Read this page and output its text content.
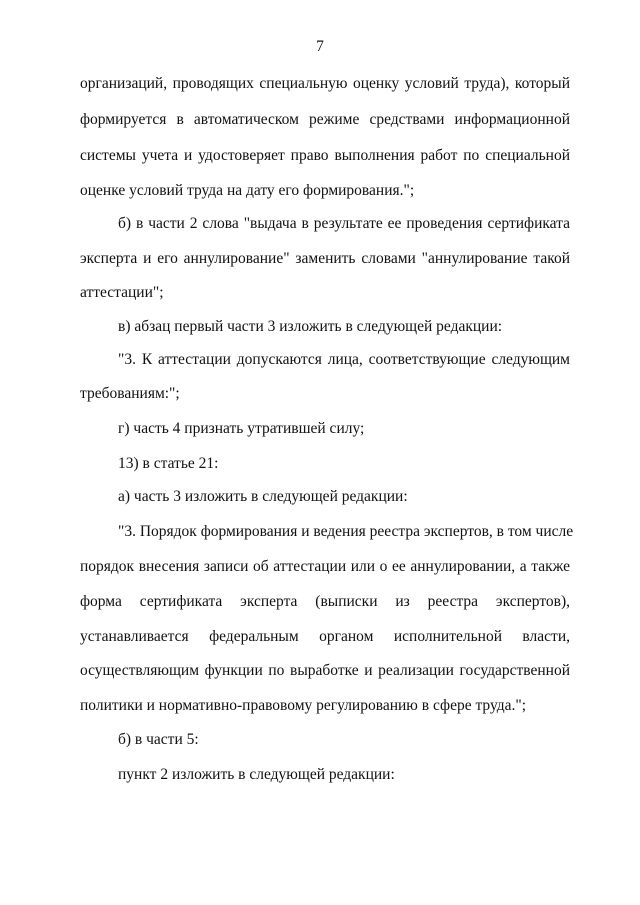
7
организаций, проводящих специальную оценку условий труда), который
формируется в автоматическом режиме средствами информационной
системы учета и удостоверяет право выполнения работ по специальной
оценке условий труда на дату его формирования.";
б) в части 2 слова "выдача в результате ее проведения сертификата
эксперта и его аннулирование" заменить словами "аннулирование такой
аттестации";
в) абзац первый части 3 изложить в следующей редакции:
"3. К аттестации допускаются лица, соответствующие следующим
требованиям:";
г) часть 4 признать утратившей силу;
13) в статье 21:
а) часть 3 изложить в следующей редакции:
"3. Порядок формирования и ведения реестра экспертов, в том числе
порядок внесения записи об аттестации или о ее аннулировании, а также
форма сертификата эксперта (выписки из реестра экспертов),
устанавливается федеральным органом исполнительной власти,
осуществляющим функции по выработке и реализации государственной
политики и нормативно-правовому регулированию в сфере труда.";
б) в части 5:
пункт 2 изложить в следующей редакции:
